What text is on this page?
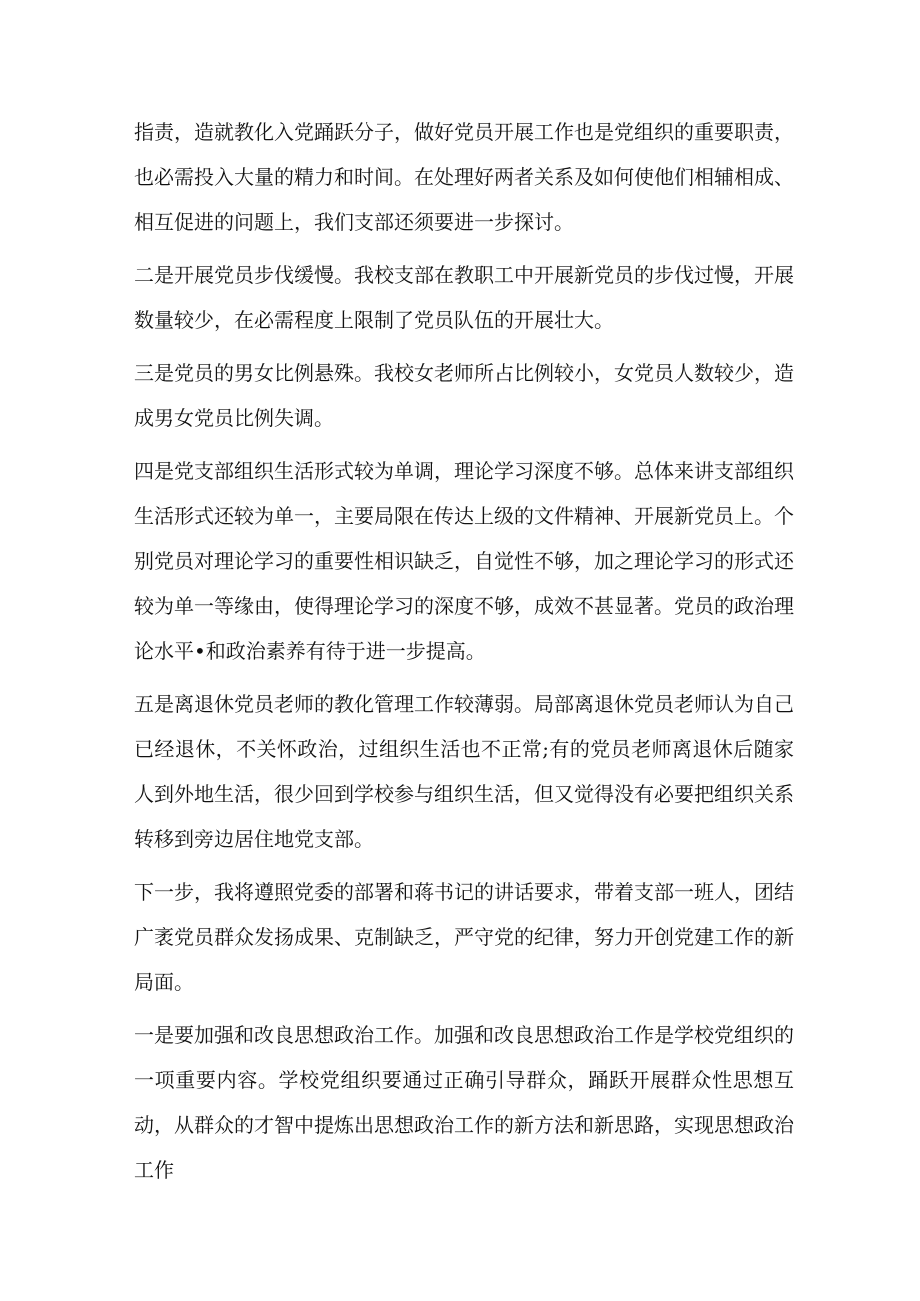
指责，造就教化入党踊跃分子，做好党员开展工作也是党组织的重要职责，也必需投入大量的精力和时间。在处理好两者关系及如何使他们相辅相成、相互促进的问题上，我们支部还须要进一步探讨。

二是开展党员步伐缓慢。我校支部在教职工中开展新党员的步伐过慢，开展数量较少，在必需程度上限制了党员队伍的开展壮大。

三是党员的男女比例悬殊。我校女老师所占比例较小，女党员人数较少，造成男女党员比例失调。

四是党支部组织生活形式较为单调，理论学习深度不够。总体来讲支部组织生活形式还较为单一，主要局限在传达上级的文件精神、开展新党员上。个别党员对理论学习的重要性相识缺乏，自觉性不够，加之理论学习的形式还较为单一等缘由，使得理论学习的深度不够，成效不甚显著。党员的政治理论水平•和政治素养有待于进一步提高。

五是离退休党员老师的教化管理工作较薄弱。局部离退休党员老师认为自己已经退休，不关怀政治，过组织生活也不正常;有的党员老师离退休后随家人到外地生活，很少回到学校参与组织生活，但又觉得没有必要把组织关系转移到旁边居住地党支部。

下一步，我将遵照党委的部署和蒋书记的讲话要求，带着支部一班人，团结广袤党员群众发扬成果、克制缺乏，严守党的纪律，努力开创党建工作的新局面。

一是要加强和改良思想政治工作。加强和改良思想政治工作是学校党组织的一项重要内容。学校党组织要通过正确引导群众，踊跃开展群众性思想互动，从群众的才智中提炼出思想政治工作的新方法和新思路，实现思想政治工作
